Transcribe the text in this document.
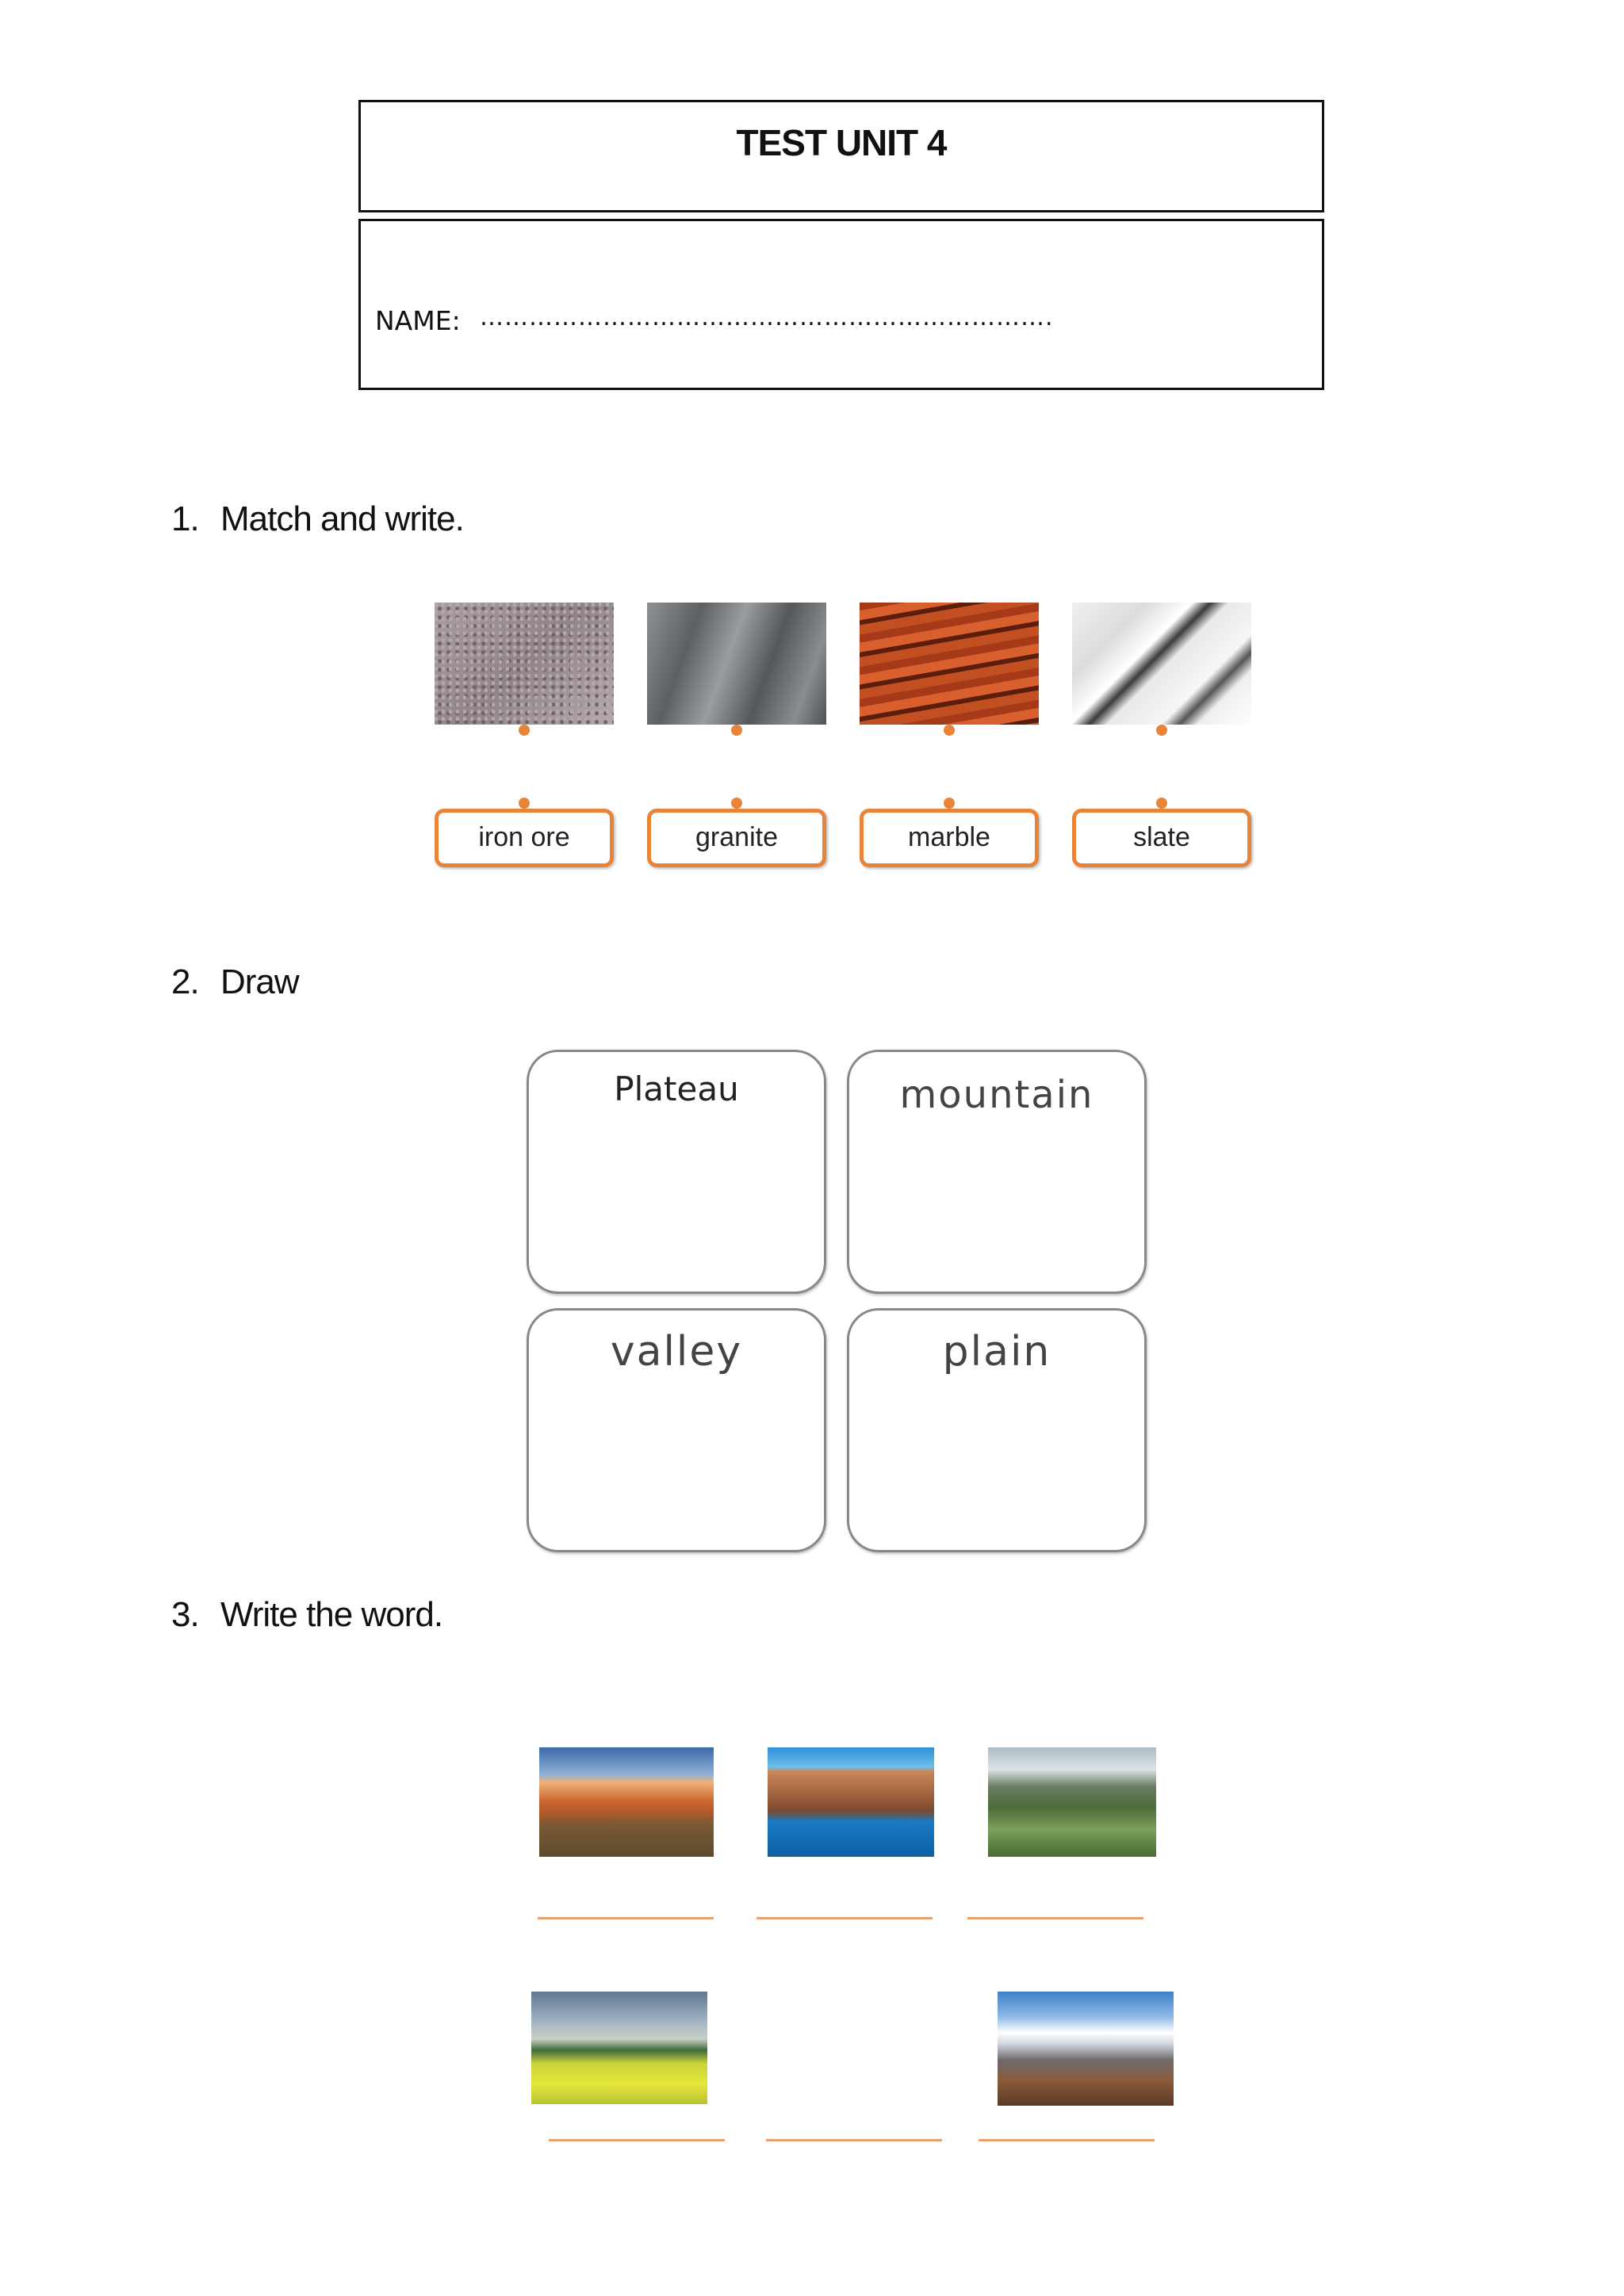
TEST UNIT 4
NAME: …………………………………………………………….
1. Match and write.
iron ore	granite	marble	slate
2. Draw
Plateau	mountain
valley	plain
3. Write the word.
